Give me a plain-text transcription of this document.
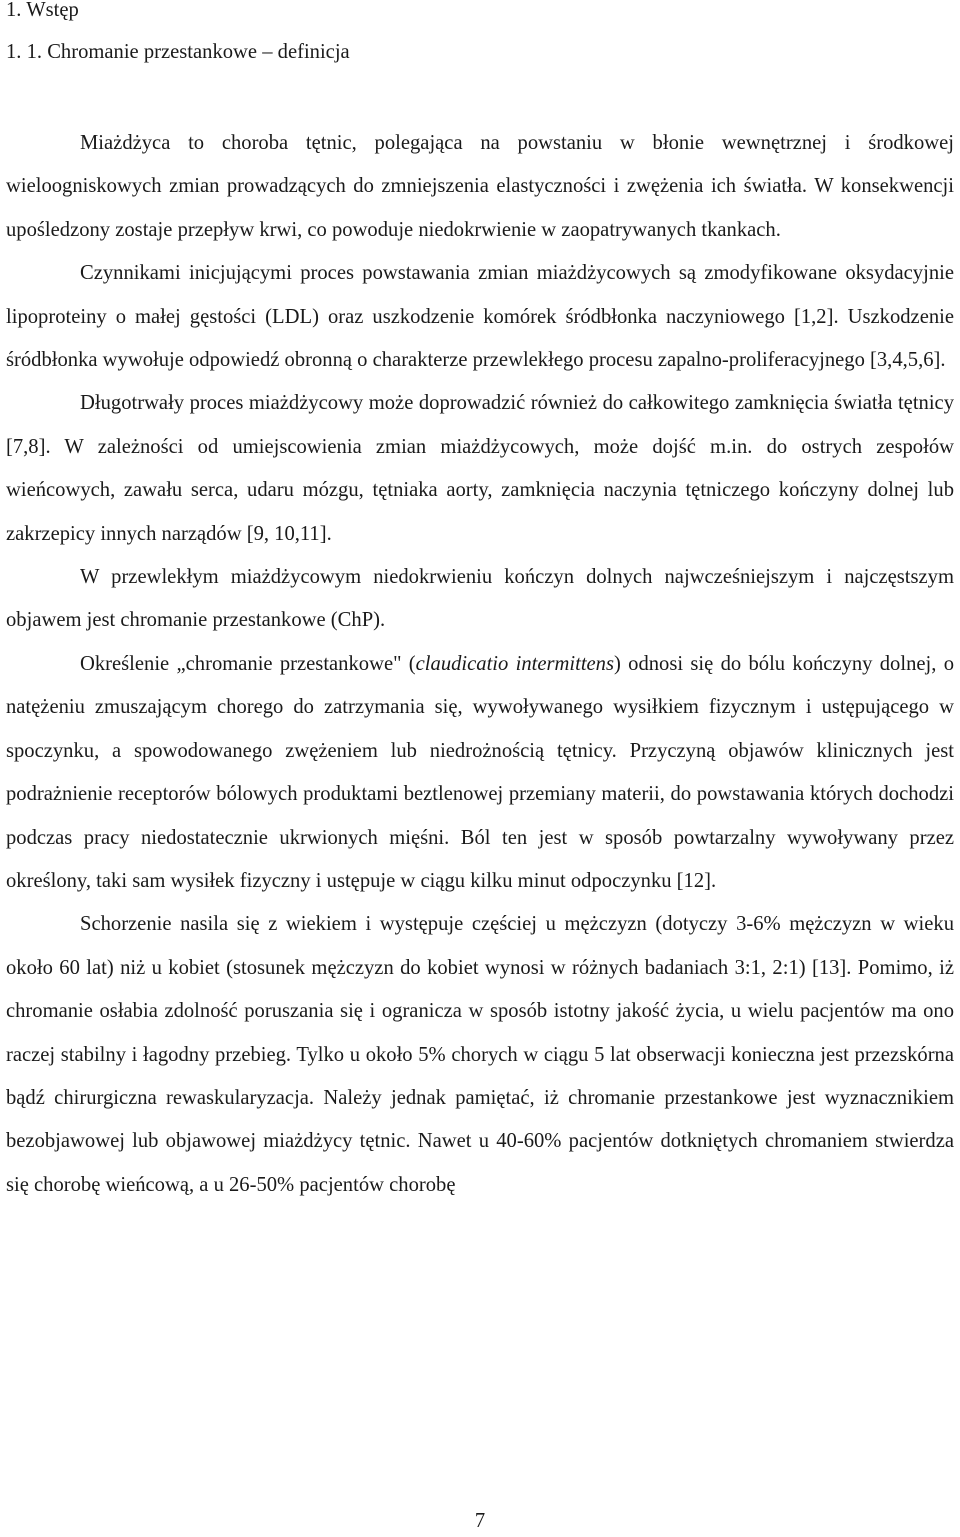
1. Wstęp
1. 1. Chromanie przestankowe – definicja

Miażdżyca to choroba tętnic, polegająca na powstaniu w błonie wewnętrznej i środkowej wieloogniskowych zmian prowadzących do zmniejszenia elastyczności i zwężenia ich światła. W konsekwencji upośledzony zostaje przepływ krwi, co powoduje niedokrwienie w zaopatrywanych tkankach.

Czynnikami inicjującymi proces powstawania zmian miażdżycowych są zmodyfikowane oksydacyjnie lipoproteiny o małej gęstości (LDL) oraz uszkodzenie komórek śródbłonka naczyniowego [1,2]. Uszkodzenie śródbłonka wywołuje odpowiedź obronną o charakterze przewlekłego procesu zapalno-proliferacyjnego [3,4,5,6].

Długotrwały proces miażdżycowy może doprowadzić również do całkowitego zamknięcia światła tętnicy [7,8]. W zależności od umiejscowienia zmian miażdżycowych, może dojść m.in. do ostrych zespołów wieńcowych, zawału serca, udaru mózgu, tętniaka aorty, zamknięcia naczynia tętniczego kończyny dolnej lub zakrzepicy innych narządów [9, 10,11].

W przewlekłym miażdżycowym niedokrwieniu kończyn dolnych najwcześniejszym i najczęstszym objawem jest chromanie przestankowe (ChP).

Określenie „chromanie przestankowe" (claudicatio intermittens) odnosi się do bólu kończyny dolnej, o natężeniu zmuszającym chorego do zatrzymania się, wywoływanego wysiłkiem fizycznym i ustępującego w spoczynku, a spowodowanego zwężeniem lub niedrożnością tętnicy. Przyczyną objawów klinicznych jest podrażnienie receptorów bólowych produktami beztlenowej przemiany materii, do powstawania których dochodzi podczas pracy niedostatecznie ukrwionych mięśni. Ból ten jest w sposób powtarzalny wywoływany przez określony, taki sam wysiłek fizyczny i ustępuje w ciągu kilku minut odpoczynku [12].

Schorzenie nasila się z wiekiem i występuje częściej u mężczyzn (dotyczy 3-6% mężczyzn w wieku około 60 lat) niż u kobiet (stosunek mężczyzn do kobiet wynosi w różnych badaniach 3:1, 2:1) [13]. Pomimo, iż chromanie osłabia zdolność poruszania się i ogranicza w sposób istotny jakość życia, u wielu pacjentów ma ono raczej stabilny i łagodny przebieg. Tylko u około 5% chorych w ciągu 5 lat obserwacji konieczna jest przezskórna bądź chirurgiczna rewaskularyzacja. Należy jednak pamiętać, iż chromanie przestankowe jest wyznacznikiem bezobjawowej lub objawowej miażdżycy tętnic. Nawet u 40-60% pacjentów dotkniętych chromaniem stwierdza się chorobę wieńcową, a u 26-50% pacjentów chorobę

7
